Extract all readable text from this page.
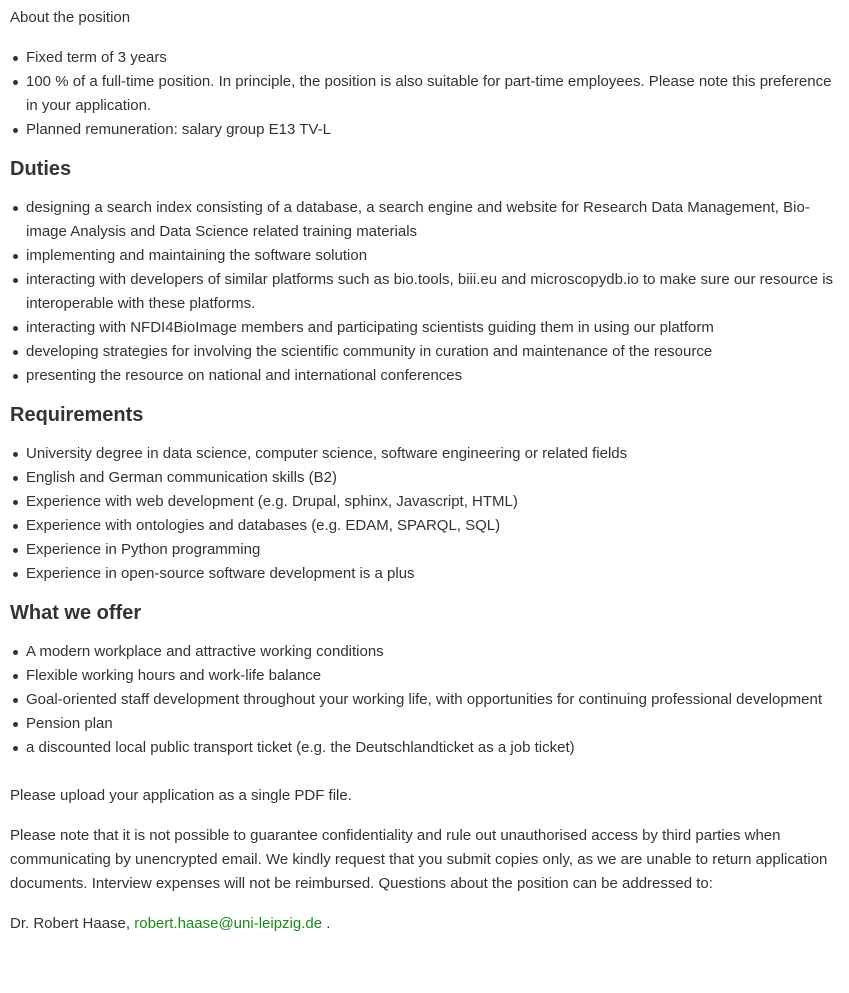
About the position

Fixed term of 3 years
100 % of a full-time position. In principle, the position is also suitable for part-time employees. Please note this preference in your application.
Planned remuneration: salary group E13 TV-L
Duties
designing a search index consisting of a database, a search engine and website for Research Data Management, Bio-image Analysis and Data Science related training materials
implementing and maintaining the software solution
interacting with developers of similar platforms such as bio.tools, biii.eu and microscopydb.io to make sure our resource is interoperable with these platforms.
interacting with NFDI4BioImage members and participating scientists guiding them in using our platform
developing strategies for involving the scientific community in curation and maintenance of the resource
presenting the resource on national and international conferences
Requirements
University degree in data science, computer science, software engineering or related fields
English and German communication skills (B2)
Experience with web development (e.g. Drupal, sphinx, Javascript, HTML)
Experience with ontologies and databases (e.g. EDAM, SPARQL, SQL)
Experience in Python programming
Experience in open-source software development is a plus
What we offer
A modern workplace and attractive working conditions
Flexible working hours and work-life balance
Goal-oriented staff development throughout your working life, with opportunities for continuing professional development
Pension plan
a discounted local public transport ticket (e.g. the Deutschlandticket as a job ticket)

Please upload your application as a single PDF file.

Please note that it is not possible to guarantee confidentiality and rule out unauthorised access by third parties when communicating by unencrypted email. We kindly request that you submit copies only, as we are unable to return application documents. Interview expenses will not be reimbursed. Questions about the position can be addressed to:

Dr. Robert Haase, robert.haase@uni-leipzig.de .
